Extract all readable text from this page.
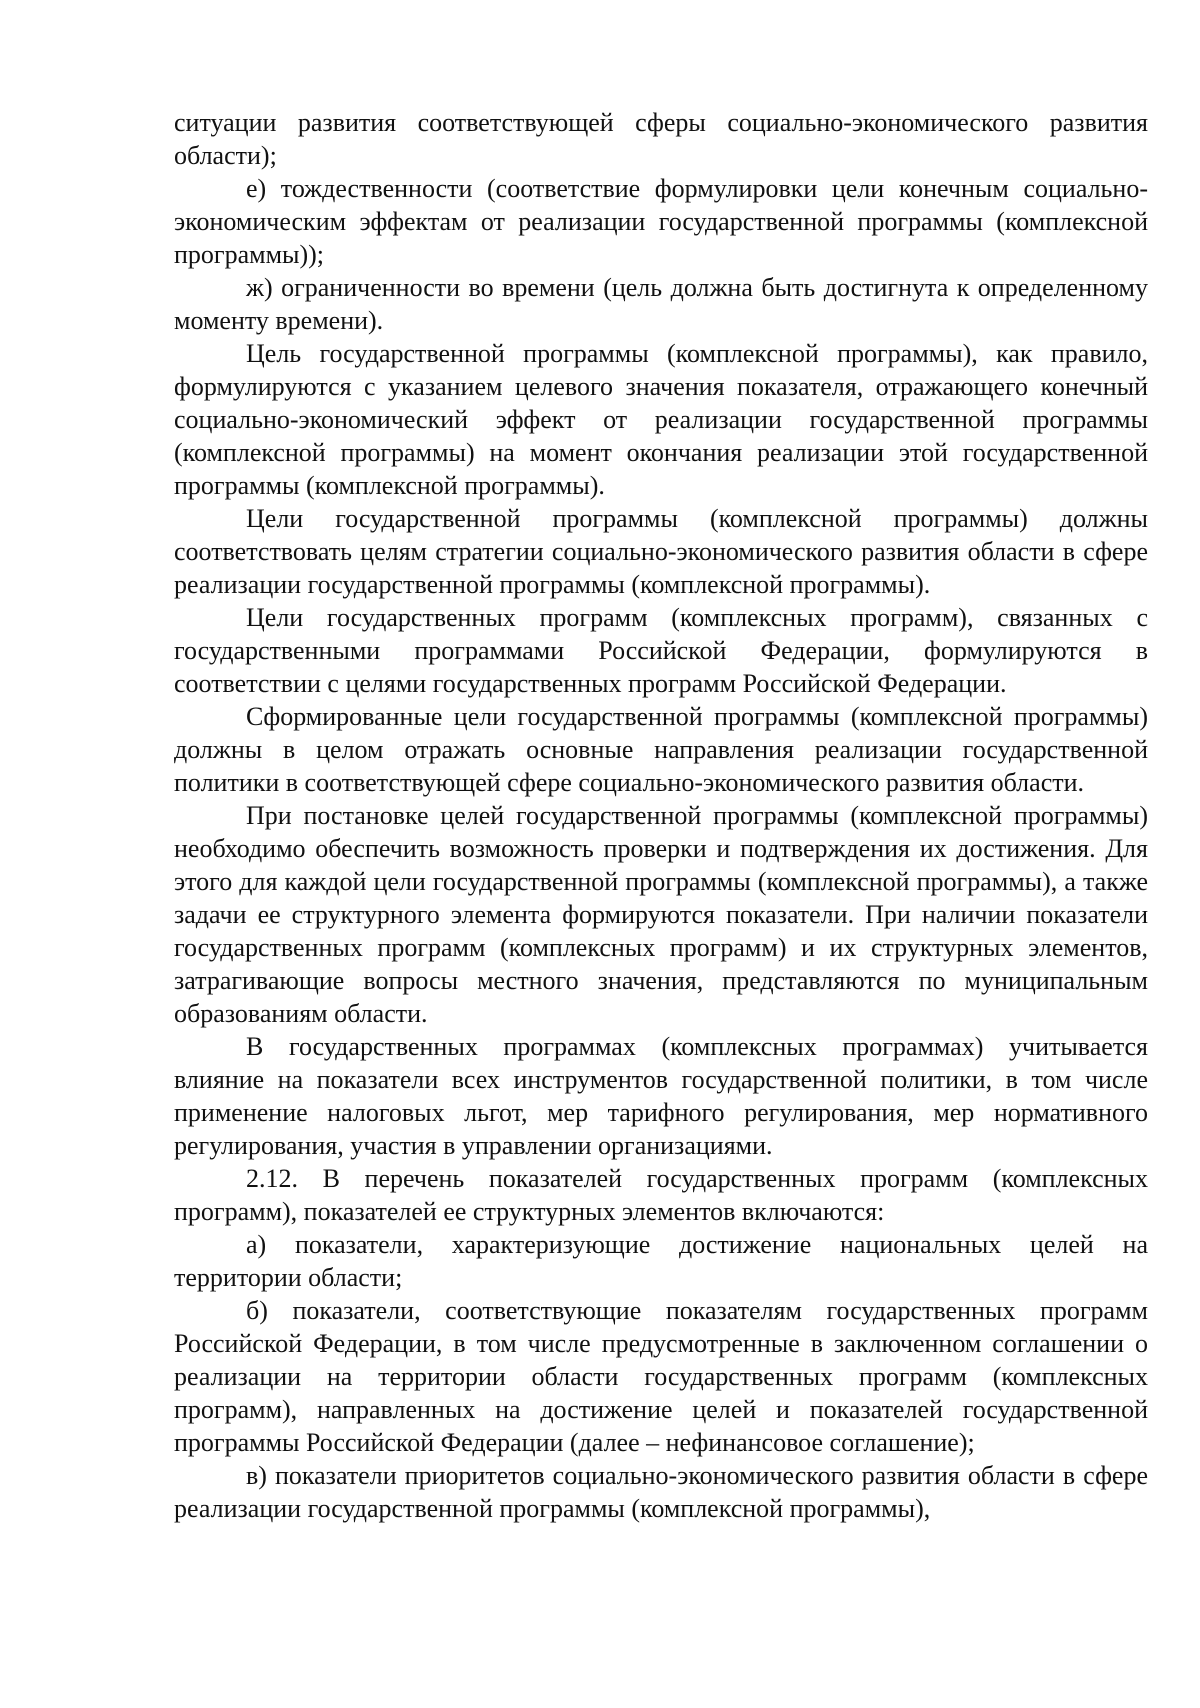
ситуации развития соответствующей сферы социально-экономического развития области);

е) тождественности (соответствие формулировки цели конечным социально-экономическим эффектам от реализации государственной программы (комплексной программы));

ж) ограниченности во времени (цель должна быть достигнута к определенному моменту времени).

Цель государственной программы (комплексной программы), как правило, формулируются с указанием целевого значения показателя, отражающего конечный социально-экономический эффект от реализации государственной программы (комплексной программы) на момент окончания реализации этой государственной программы (комплексной программы).

Цели государственной программы (комплексной программы) должны соответствовать целям стратегии социально-экономического развития области в сфере реализации государственной программы (комплексной программы).

Цели государственных программ (комплексных программ), связанных с государственными программами Российской Федерации, формулируются в соответствии с целями государственных программ Российской Федерации.

Сформированные цели государственной программы (комплексной программы) должны в целом отражать основные направления реализации государственной политики в соответствующей сфере социально-экономического развития области.

При постановке целей государственной программы (комплексной программы) необходимо обеспечить возможность проверки и подтверждения их достижения. Для этого для каждой цели государственной программы (комплексной программы), а также задачи ее структурного элемента формируются показатели. При наличии показатели государственных программ (комплексных программ) и их структурных элементов, затрагивающие вопросы местного значения, представляются по муниципальным образованиям области.

В государственных программах (комплексных программах) учитывается влияние на показатели всех инструментов государственной политики, в том числе применение налоговых льгот, мер тарифного регулирования, мер нормативного регулирования, участия в управлении организациями.

2.12. В перечень показателей государственных программ (комплексных программ), показателей ее структурных элементов включаются:

а) показатели, характеризующие достижение национальных целей на территории области;

б) показатели, соответствующие показателям государственных программ Российской Федерации, в том числе предусмотренные в заключенном соглашении о реализации на территории области государственных программ (комплексных программ), направленных на достижение целей и показателей государственной программы Российской Федерации (далее – нефинансовое соглашение);

в) показатели приоритетов социально-экономического развития области в сфере реализации государственной программы (комплексной программы),
